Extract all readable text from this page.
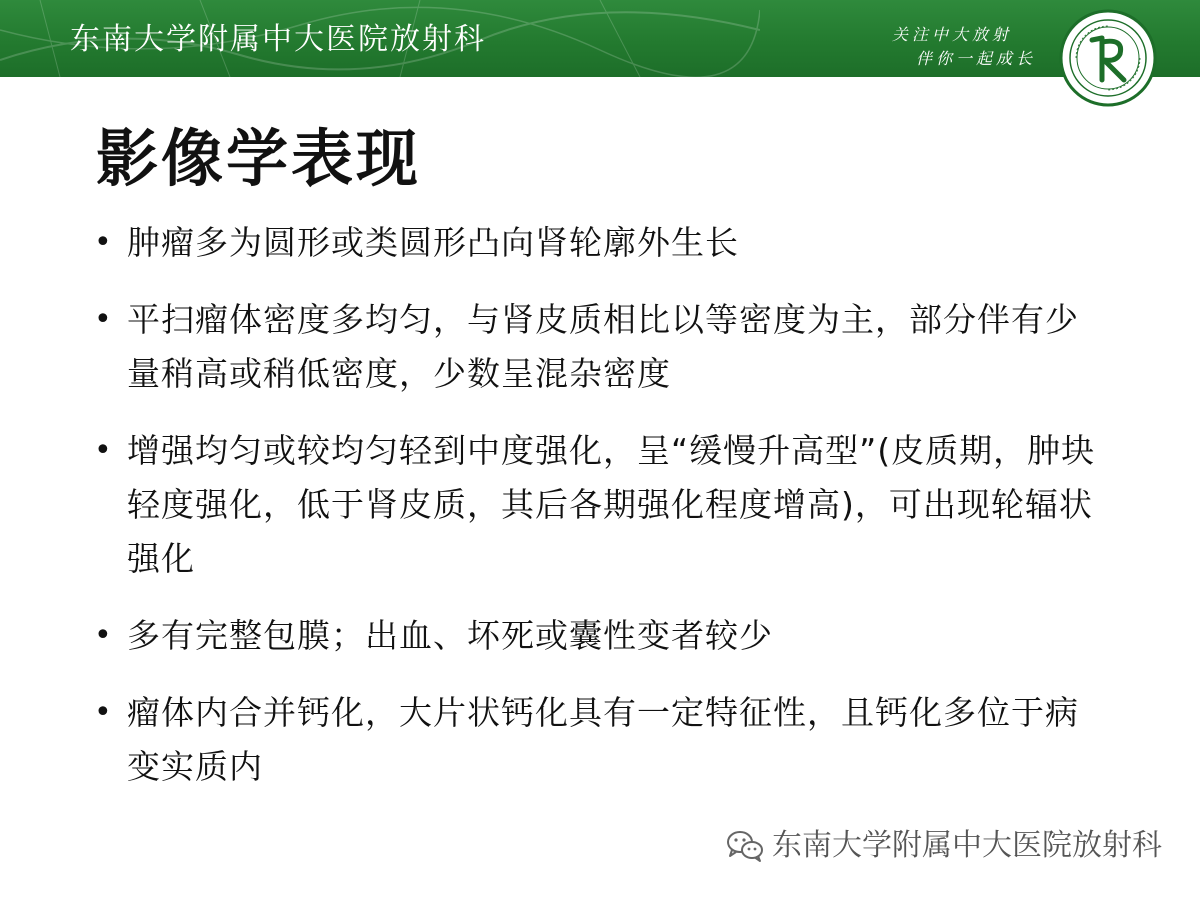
东南大学附属中大医院放射科	关注中大放射
伴你一起成长
影像学表现
• 肿瘤多为圆形或类圆形凸向肾轮廓外生长
• 平扫瘤体密度多均匀，与肾皮质相比以等密度为主，部分伴有少量稍高或稍低密度，少数呈混杂密度
• 增强均匀或较均匀轻到中度强化，呈“缓慢升高型”(皮质期，肿块轻度强化，低于肾皮质，其后各期强化程度增高)，可出现轮辐状强化
• 多有完整包膜；出血、坏死或囊性变者较少
• 瘤体内合并钙化，大片状钙化具有一定特征性，且钙化多位于病变实质内
东南大学附属中大医院放射科
